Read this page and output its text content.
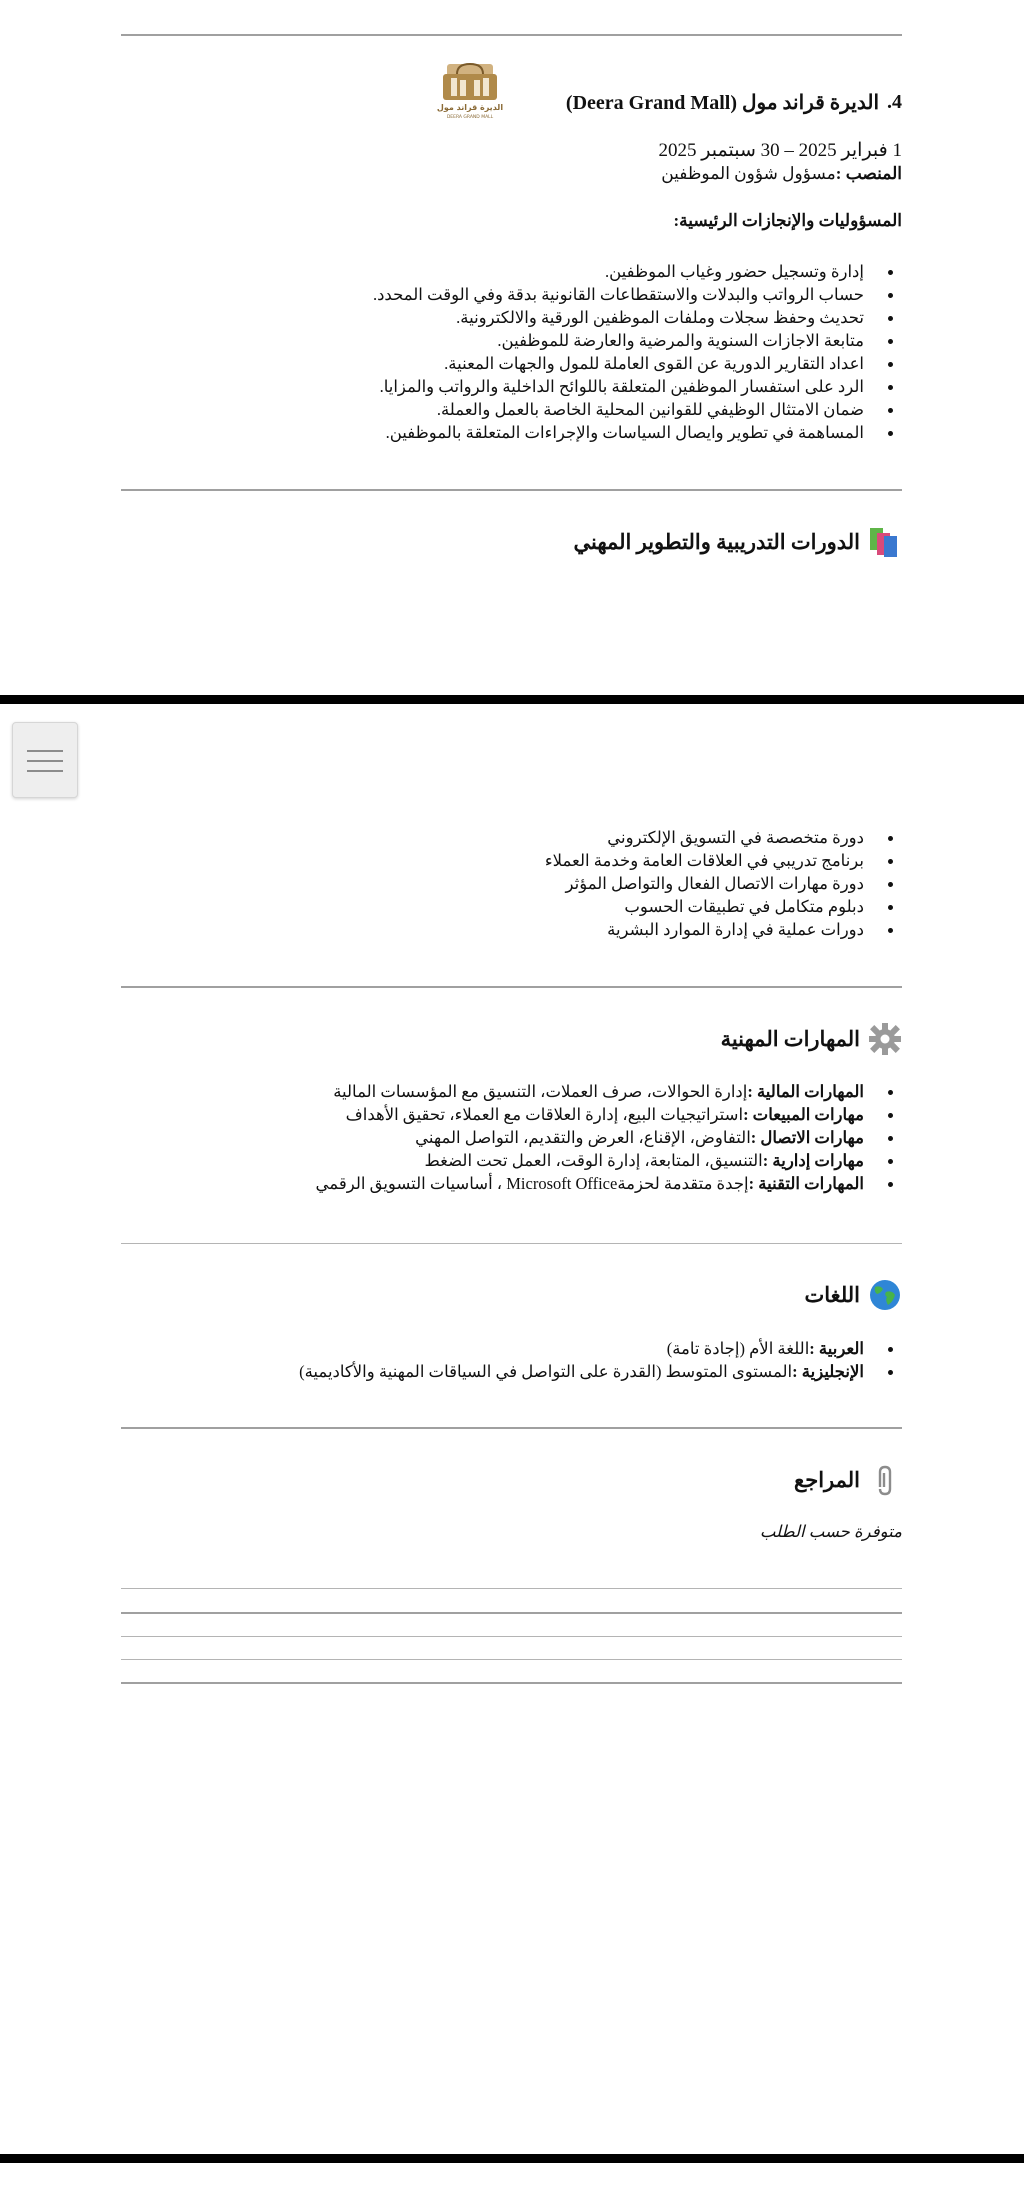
الديرة قراند مول
DEERA GRAND MALL
4.
الديرة قراند مول (Deera Grand Mall)
1 فبراير 2025 – 30 سبتمبر 2025
المنصب :مسؤول شؤون الموظفين
المسؤوليات والإنجازات الرئيسية:
إدارة وتسجيل حضور وغياب الموظفين.
حساب الرواتب والبدلات والاستقطاعات القانونية بدقة وفي الوقت المحدد.
تحديث وحفظ سجلات وملفات الموظفين الورقية والالكترونية.
متابعة الاجازات السنوية والمرضية والعارضة للموظفين.
اعداد التقارير الدورية عن القوى العاملة للمول والجهات المعنية.
الرد على استفسار الموظفين المتعلقة باللوائح الداخلية والرواتب والمزايا.
ضمان الامتثال الوظيفي للقوانين المحلية الخاصة بالعمل والعملة.
المساهمة في تطوير وايصال السياسات والإجراءات المتعلقة بالموظفين.
الدورات التدريبية والتطوير المهني
دورة متخصصة في التسويق الإلكتروني
برنامج تدريبي في العلاقات العامة وخدمة العملاء
دورة مهارات الاتصال الفعال والتواصل المؤثر
دبلوم متكامل في تطبيقات الحسوب
دورات عملية في إدارة الموارد البشرية
المهارات المهنية
المهارات المالية :إدارة الحوالات، صرف العملات، التنسيق مع المؤسسات المالية
مهارات المبيعات :استراتيجيات البيع، إدارة العلاقات مع العملاء، تحقيق الأهداف
مهارات الاتصال :التفاوض، الإقناع، العرض والتقديم، التواصل المهني
مهارات إدارية :التنسيق، المتابعة، إدارة الوقت، العمل تحت الضغط
المهارات التقنية :إجدة متقدمة لحزمةMicrosoft Office ، أساسيات التسويق الرقمي
اللغات
العربية :اللغة الأم (إجادة تامة)
الإنجليزية :المستوى المتوسط (القدرة على التواصل في السياقات المهنية والأكاديمية)
المراجع
متوفرة حسب الطلب
